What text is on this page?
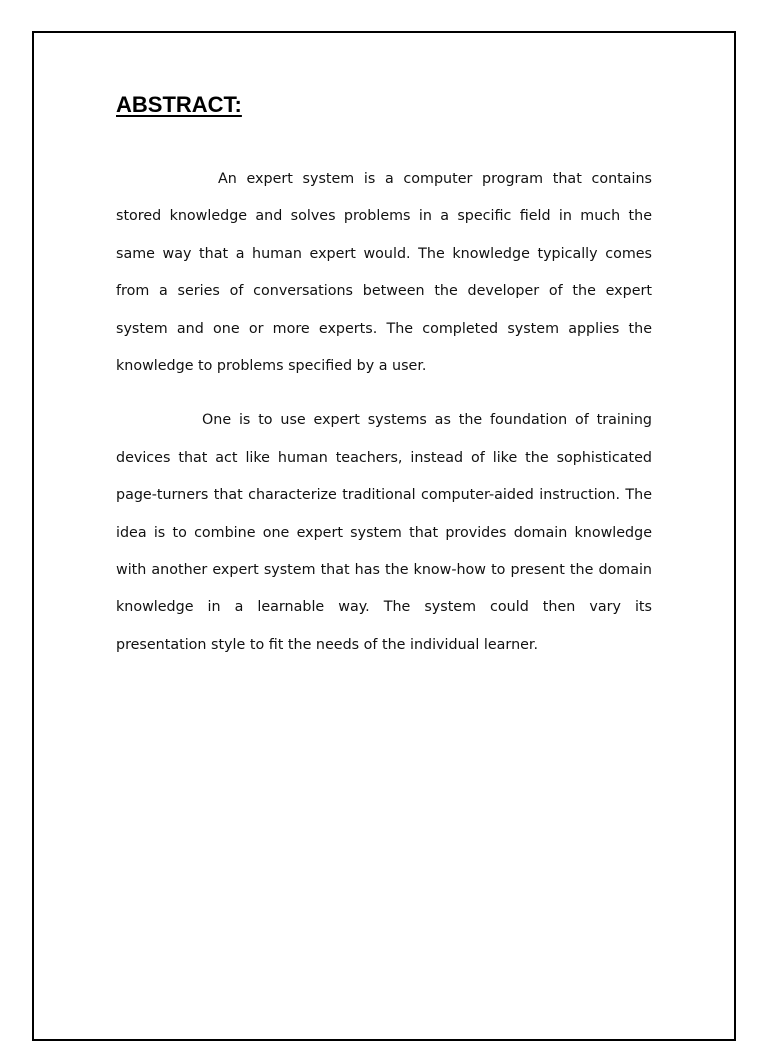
ABSTRACT:

An expert system is a computer program that contains stored knowledge and solves problems in a specific field in much the same way that a human expert would. The knowledge typically comes from a series of conversations between the developer of the expert system and one or more experts. The completed system applies the knowledge to problems specified by a user.

One is to use expert systems as the foundation of training devices that act like human teachers, instead of like the sophisticated page-turners that characterize traditional computer-aided instruction. The idea is to combine one expert system that provides domain knowledge with another expert system that has the know-how to present the domain knowledge in a learnable way. The system could then vary its presentation style to fit the needs of the individual learner.
